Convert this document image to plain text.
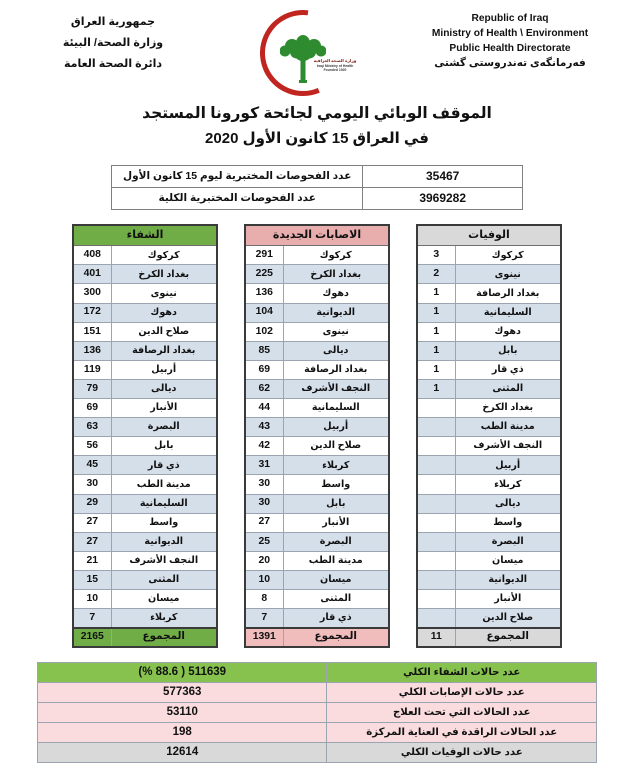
Republic of Iraq
Ministry of Health \ Environment
Public Health Directorate
فه‌رمانگه‌ی ته‌ندروستی گشتی
وزارة الصحة العراقية
Iraqi Ministry of Health
Founded 1920
جمهورية العراق
وزارة الصحة/ البيئة
دائرة الصحة العامة
الموقف الوبائي اليومي لجائحة كورونا المستجد
في العراق 15 كانون الأول 2020
35467	عدد الفحوصات المختبرية ليوم 15 كانون الأول
3969282	عدد الفحوصات المختبرية الكلية
الوفيات	
كركوك	3
نينوى	2
بغداد الرصافة	1
السليمانية	1
دهوك	1
بابل	1
ذي قار	1
المثنى	1
بغداد الكرخ	
مدينة الطب	
النجف الأشرف	
أربيل	
كربلاء	
ديالى	
واسط	
البصرة	
ميسان	
الديوانية	
الأنبار	
صلاح الدين	
المجموع	11
الاصابات الجديدة	
كركوك	291
بغداد الكرخ	225
دهوك	136
الديوانية	104
نينوى	102
ديالى	85
بغداد الرصافة	69
النجف الأشرف	62
السليمانية	44
أربيل	43
صلاح الدين	42
كربلاء	31
واسط	30
بابل	30
الأنبار	27
البصرة	25
مدينة الطب	20
ميسان	10
المثنى	8
ذي قار	7
المجموع	1391
الشفاء	
كركوك	408
بغداد الكرخ	401
نينوى	300
دهوك	172
صلاح الدين	151
بغداد الرصافة	136
أربيل	119
ديالى	79
الأنبار	69
البصرة	63
بابل	56
ذي قار	45
مدينة الطب	30
السليمانية	29
واسط	27
الديوانية	27
النجف الأشرف	21
المثنى	15
ميسان	10
كربلاء	7
المجموع	2165
عدد حالات الشفاء الكلي	511639 ( 88.6 %)
عدد حالات الإصابات الكلي	577363
عدد الحالات التي تحت العلاج	53110
عدد الحالات الراقدة في العناية المركزة	198
عدد حالات الوفيات الكلي	12614
